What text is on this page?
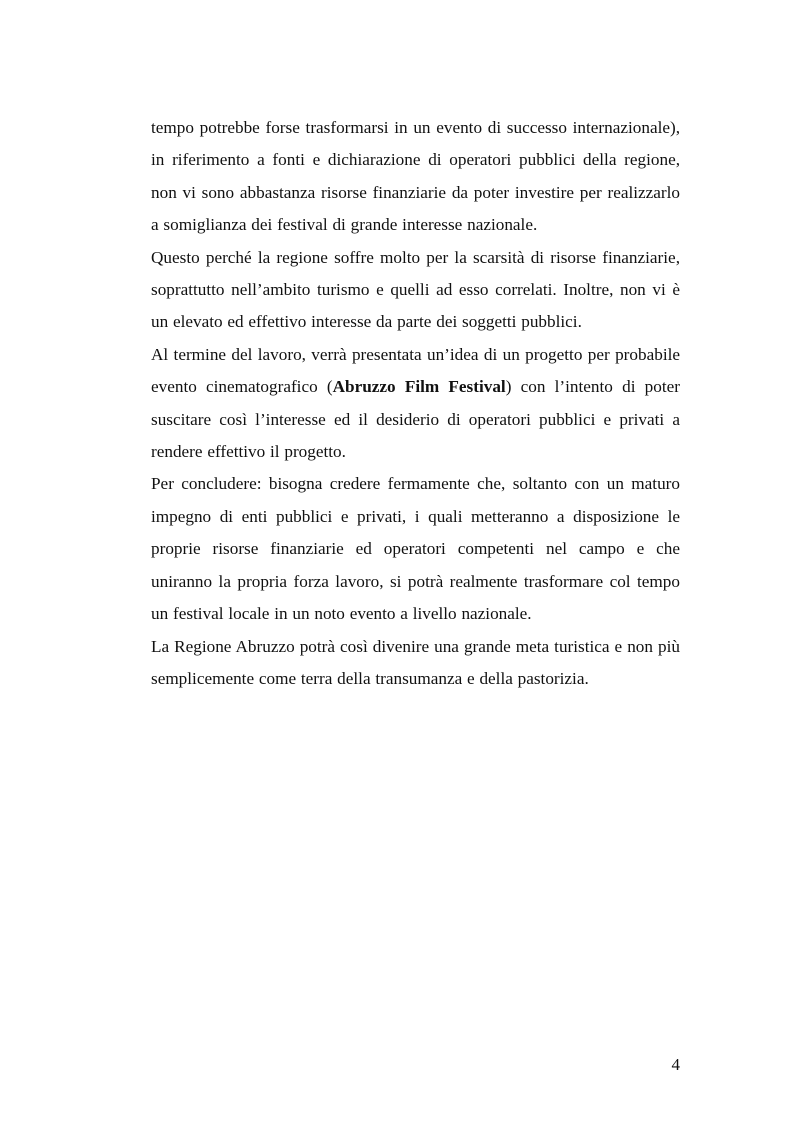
tempo potrebbe forse trasformarsi in un evento di successo internazionale), in riferimento a fonti e dichiarazione di operatori pubblici della regione, non vi sono abbastanza risorse finanziarie da poter investire per realizzarlo a somiglianza dei festival di grande interesse nazionale.

Questo perché la regione soffre molto per la scarsità di risorse finanziarie, soprattutto nell’ambito turismo e quelli ad esso correlati. Inoltre, non vi è un elevato ed effettivo interesse da parte dei soggetti pubblici.

Al termine del lavoro, verrà presentata un’idea di un progetto per probabile evento cinematografico (Abruzzo Film Festival) con l’intento di poter suscitare così l’interesse ed il desiderio di operatori pubblici e privati a rendere effettivo il progetto.

Per concludere: bisogna credere fermamente che, soltanto con un maturo impegno di enti pubblici e privati, i quali metteranno a disposizione le proprie risorse finanziarie ed operatori competenti nel campo e che uniranno la propria forza lavoro, si potrà realmente trasformare col tempo un festival locale in un noto evento a livello nazionale.

La Regione Abruzzo potrà così divenire una grande meta turistica e non più semplicemente come terra della transumanza e della pastorizia.

4
